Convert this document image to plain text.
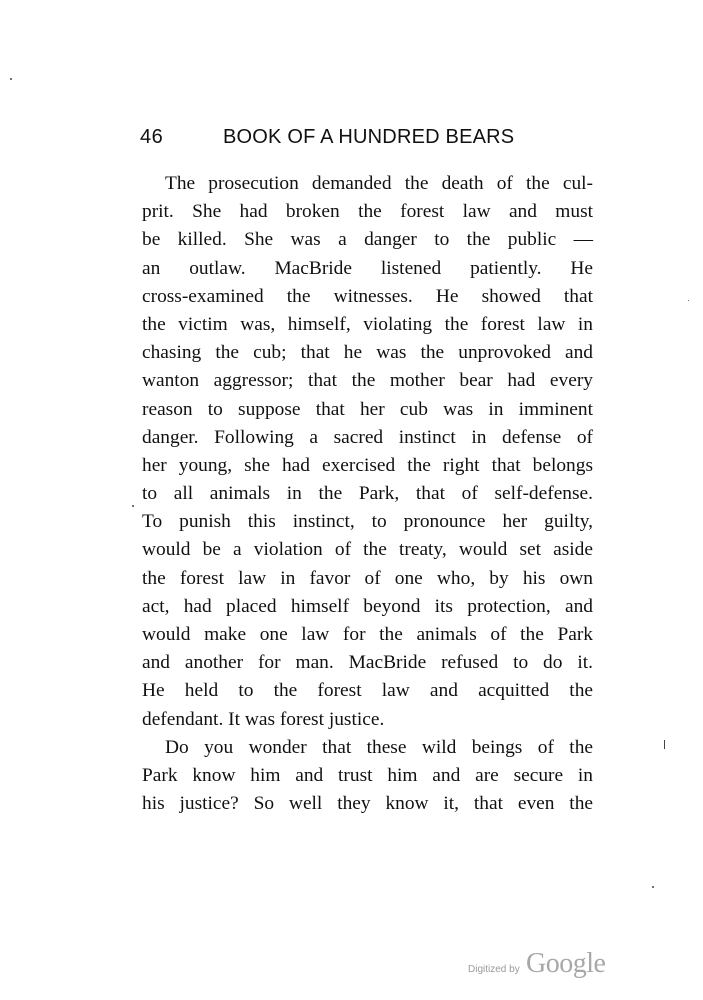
46	BOOK OF A HUNDRED BEARS
The prosecution demanded the death of the cul-
prit. She had broken the forest law and must
be killed. She was a danger to the public —
an outlaw. MacBride listened patiently. He
cross-examined the witnesses. He showed that
the victim was, himself, violating the forest law in
chasing the cub; that he was the unprovoked and
wanton aggressor; that the mother bear had every
reason to suppose that her cub was in imminent
danger. Following a sacred instinct in defense of
her young, she had exercised the right that belongs
to all animals in the Park, that of self-defense.
To punish this instinct, to pronounce her guilty,
would be a violation of the treaty, would set aside
the forest law in favor of one who, by his own
act, had placed himself beyond its protection, and
would make one law for the animals of the Park
and another for man. MacBride refused to do it.
He held to the forest law and acquitted the
defendant. It was forest justice.
Do you wonder that these wild beings of the
Park know him and trust him and are secure in
his justice? So well they know it, that even the
Digitized by Google
